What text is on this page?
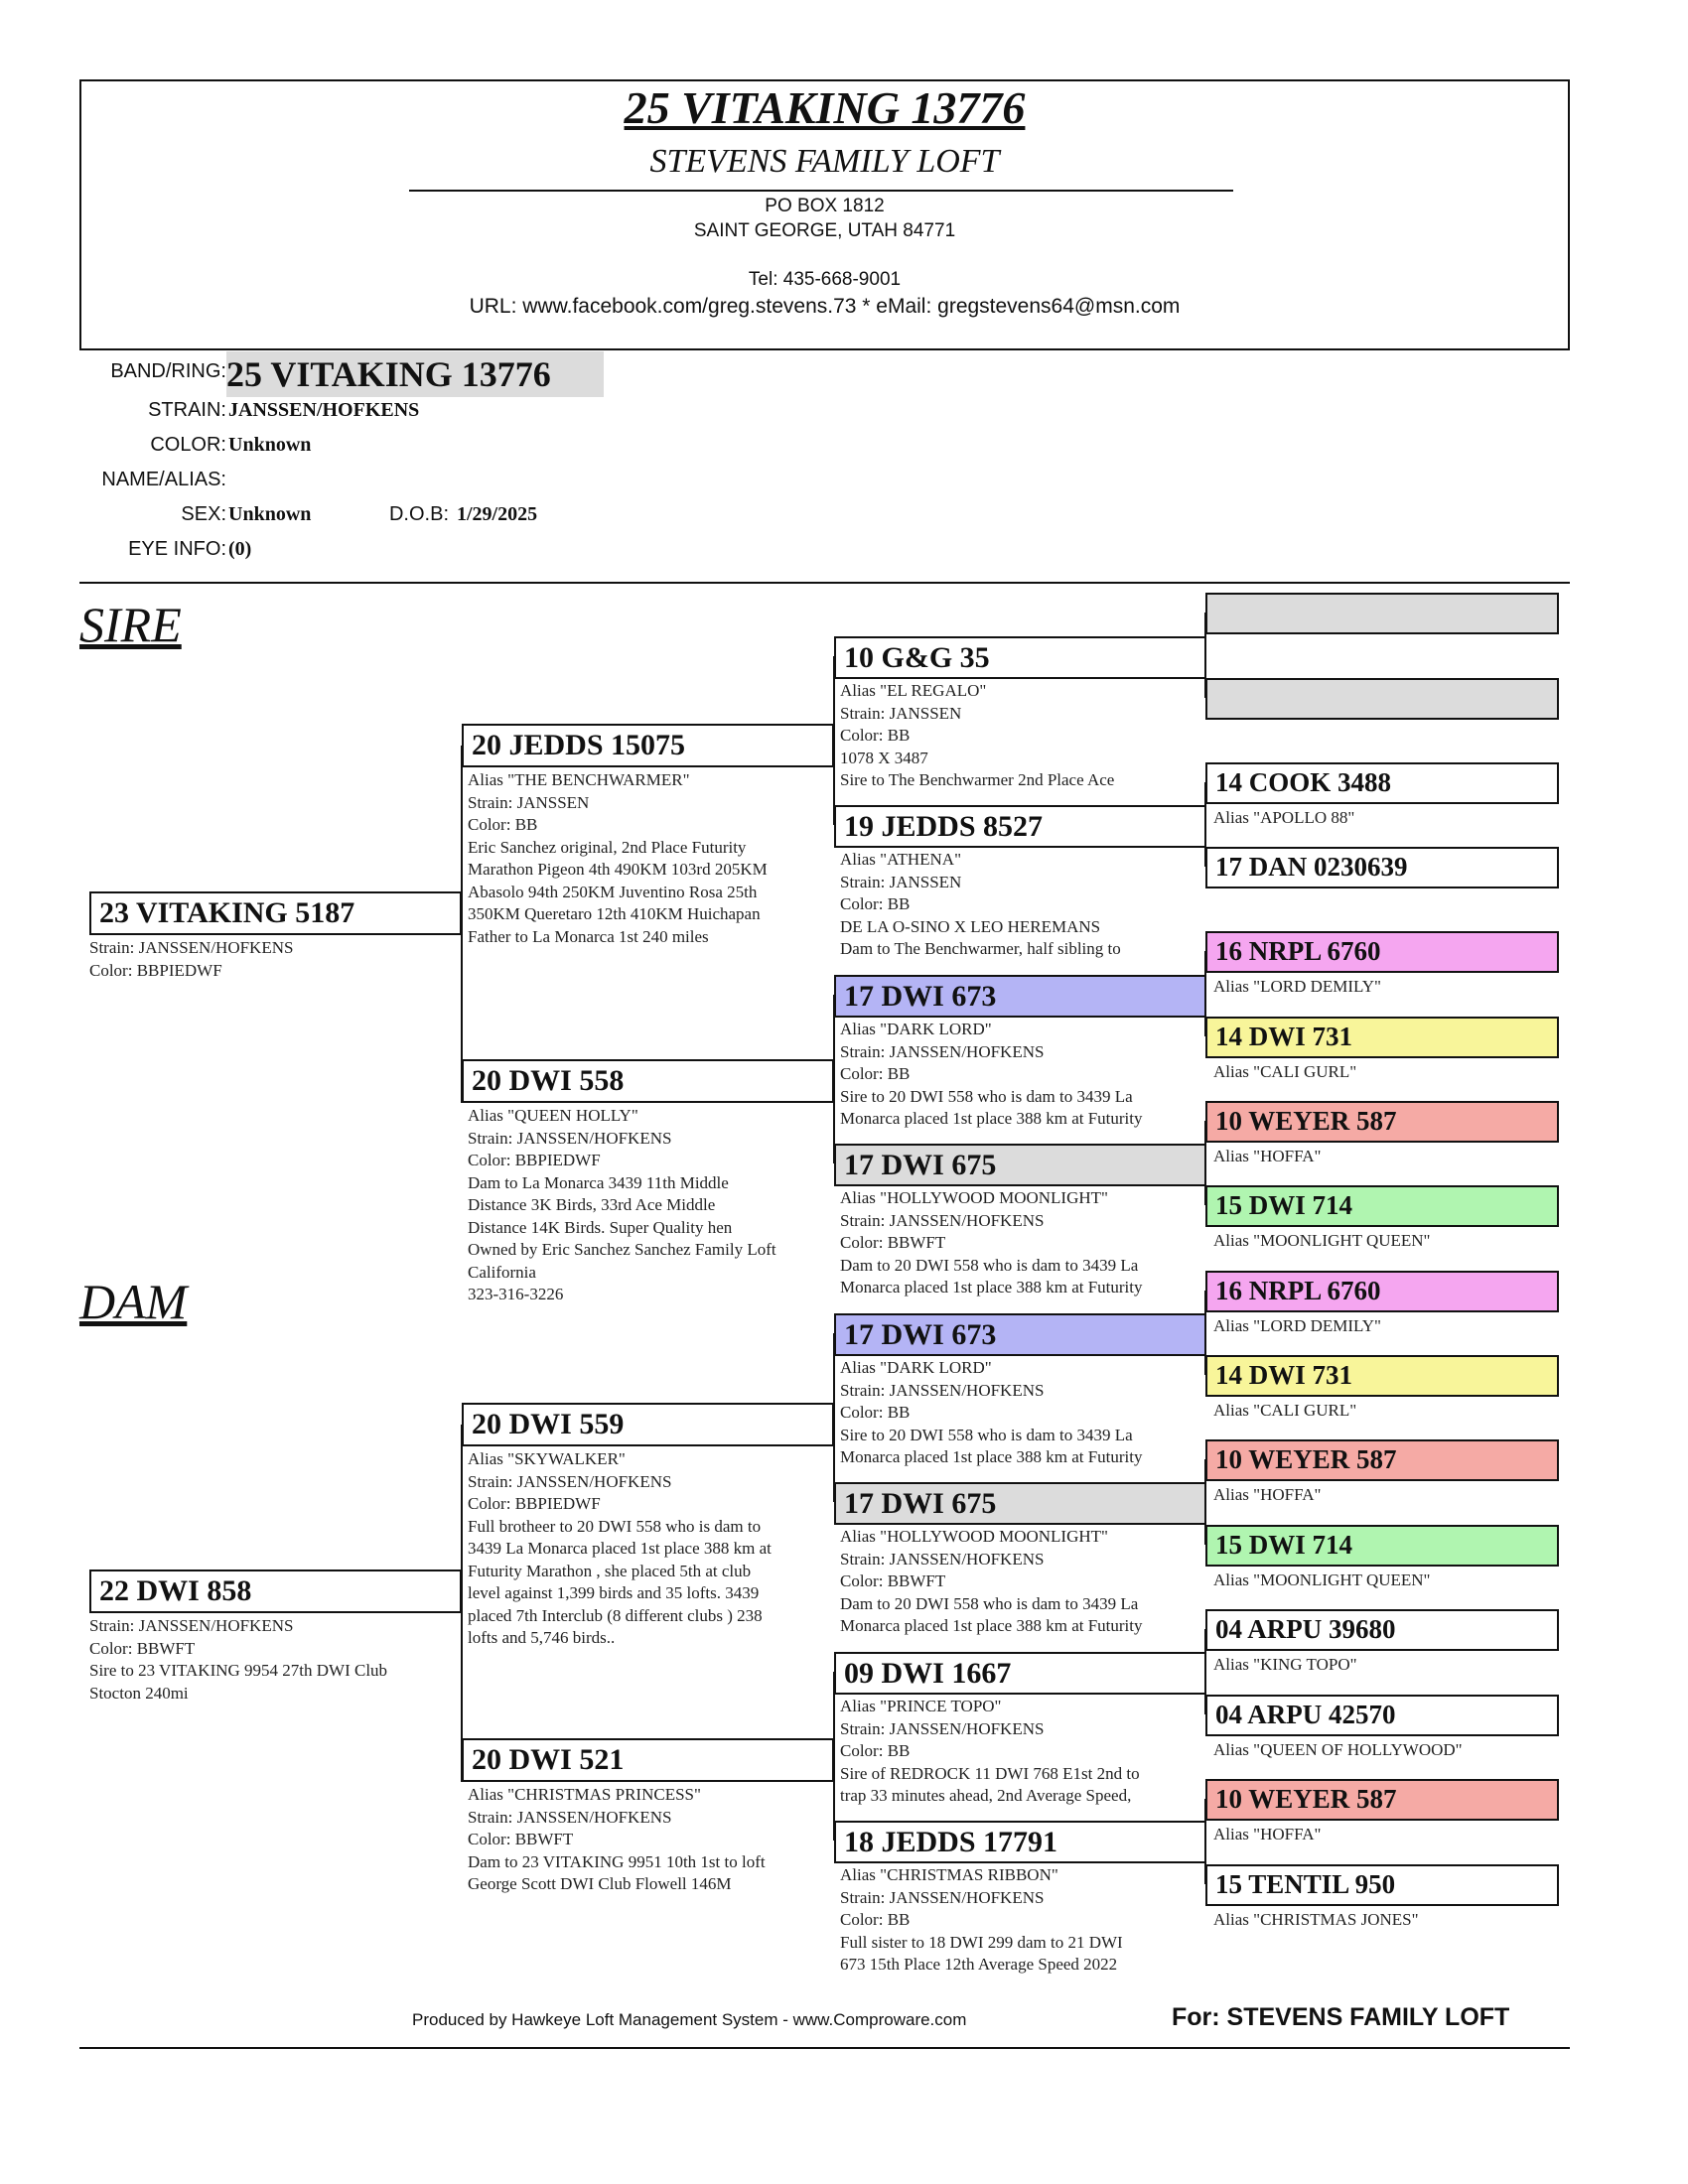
25 VITAKING 13776
STEVENS FAMILY LOFT
PO BOX 1812
SAINT GEORGE, UTAH 84771
Tel: 435-668-9001
URL: www.facebook.com/greg.stevens.73 * eMail: gregstevens64@msn.com
BAND/RING: 25 VITAKING 13776
STRAIN: JANSSEN/HOFKENS
COLOR: Unknown
NAME/ALIAS:
SEX: Unknown	D.O.B: 1/29/2025
EYE INFO: (0)
SIRE
DAM
23 VITAKING 5187
Strain: JANSSEN/HOFKENS
Color: BBPIEDWF
22 DWI 858
Strain: JANSSEN/HOFKENS
Color: BBWFT
Sire to 23 VITAKING 9954 27th DWI Club
Stocton 240mi
20 JEDDS 15075
Alias "THE BENCHWARMER"
Strain: JANSSEN
Color: BB
Eric Sanchez original, 2nd Place Futurity
Marathon Pigeon 4th 490KM 103rd 205KM
Abasolo 94th 250KM Juventino Rosa 25th
350KM Queretaro 12th 410KM Huichapan
Father to La Monarca 1st 240 miles
20 DWI 558
Alias "QUEEN HOLLY"
Strain: JANSSEN/HOFKENS
Color: BBPIEDWF
Dam to La Monarca 3439 11th Middle
Distance 3K Birds, 33rd Ace Middle
Distance 14K Birds. Super Quality hen
Owned by Eric Sanchez Sanchez Family Loft
California
323-316-3226
20 DWI 559
Alias "SKYWALKER"
Strain: JANSSEN/HOFKENS
Color: BBPIEDWF
Full brotheer to 20 DWI 558 who is dam to
3439 La Monarca placed 1st place 388 km at
Futurity Marathon , she placed 5th at club
level against 1,399 birds and 35 lofts. 3439
placed 7th Interclub (8 different clubs ) 238
lofts and 5,746 birds..
20 DWI 521
Alias "CHRISTMAS PRINCESS"
Strain: JANSSEN/HOFKENS
Color: BBWFT
Dam to 23 VITAKING 9951 10th 1st to loft
George Scott DWI Club Flowell 146M
10 G&G 35
Alias "EL REGALO"
Strain: JANSSEN
Color: BB
1078 X 3487
Sire to The Benchwarmer 2nd Place Ace
19 JEDDS 8527
Alias "ATHENA"
Strain: JANSSEN
Color: BB
DE LA O-SINO X LEO HEREMANS
Dam to The Benchwarmer, half sibling to
17 DWI 673
Alias "DARK LORD"
Strain: JANSSEN/HOFKENS
Color: BB
Sire to 20 DWI 558 who is dam to 3439 La
Monarca placed 1st place 388 km at Futurity
17 DWI 675
Alias "HOLLYWOOD MOONLIGHT"
Strain: JANSSEN/HOFKENS
Color: BBWFT
Dam to 20 DWI 558 who is dam to 3439 La
Monarca placed 1st place 388 km at Futurity
17 DWI 673
Alias "DARK LORD"
Strain: JANSSEN/HOFKENS
Color: BB
Sire to 20 DWI 558 who is dam to 3439 La
Monarca placed 1st place 388 km at Futurity
17 DWI 675
Alias "HOLLYWOOD MOONLIGHT"
Strain: JANSSEN/HOFKENS
Color: BBWFT
Dam to 20 DWI 558 who is dam to 3439 La
Monarca placed 1st place 388 km at Futurity
09 DWI 1667
Alias "PRINCE TOPO"
Strain: JANSSEN/HOFKENS
Color: BB
Sire of REDROCK 11 DWI 768 E1st 2nd to
trap 33 minutes ahead, 2nd Average Speed,
18 JEDDS 17791
Alias "CHRISTMAS RIBBON"
Strain: JANSSEN/HOFKENS
Color: BB
Full sister to 18 DWI 299 dam to 21 DWI
673 15th Place 12th Average Speed 2022
14 COOK 3488
Alias "APOLLO 88"
17 DAN 0230639
16 NRPL 6760
Alias "LORD DEMILY"
14 DWI 731
Alias "CALI GURL"
10 WEYER 587
Alias "HOFFA"
15 DWI 714
Alias "MOONLIGHT QUEEN"
16 NRPL 6760
Alias "LORD DEMILY"
14 DWI 731
Alias "CALI GURL"
10 WEYER 587
Alias "HOFFA"
15 DWI 714
Alias "MOONLIGHT QUEEN"
04 ARPU 39680
Alias "KING TOPO"
04 ARPU 42570
Alias "QUEEN OF HOLLYWOOD"
10 WEYER 587
Alias "HOFFA"
15 TENTIL 950
Alias "CHRISTMAS JONES"
Produced by Hawkeye Loft Management System - www.Comproware.com	For: STEVENS FAMILY LOFT
